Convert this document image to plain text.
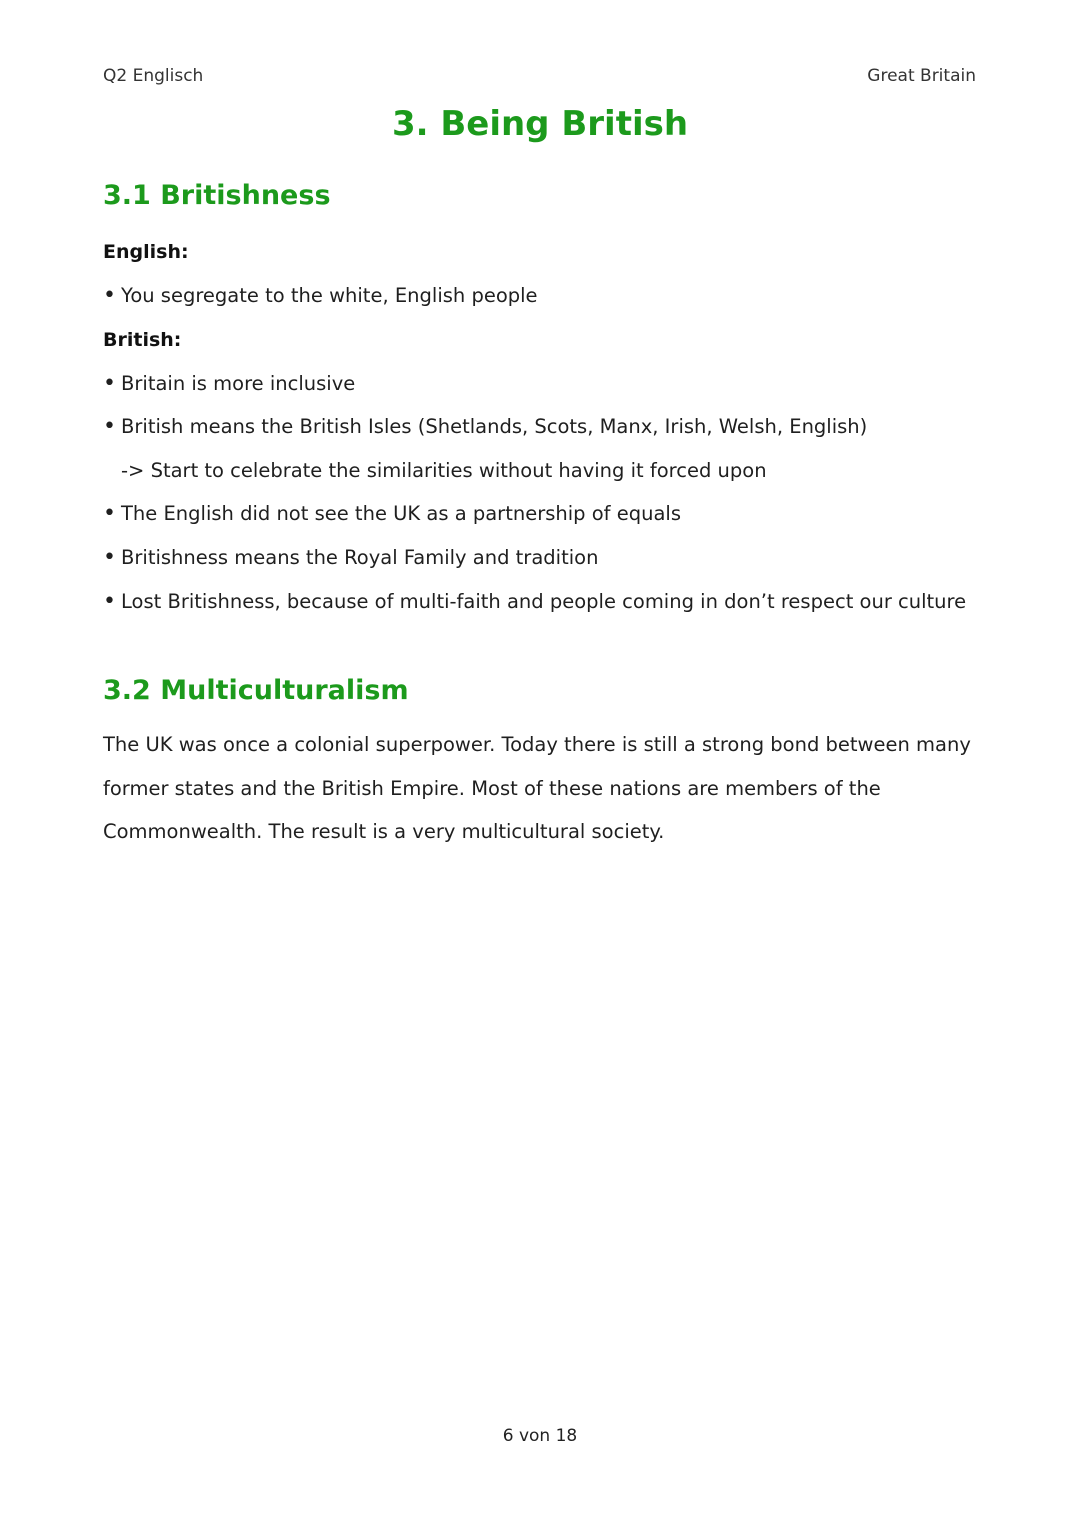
Q2 Englisch	Great Britain
3. Being British
3.1 Britishness
English:
• You segregate to the white, English people
British:
• Britain is more inclusive
• British means the British Isles (Shetlands, Scots, Manx, Irish, Welsh, English)
-> Start to celebrate the similarities without having it forced upon
• The English did not see the UK as a partnership of equals
• Britishness means the Royal Family and tradition
• Lost Britishness, because of multi-faith and people coming in don’t respect our culture
3.2 Multiculturalism
The UK was once a colonial superpower. Today there is still a strong bond between many
former states and the British Empire. Most of these nations are members of the
Commonwealth. The result is a very multicultural society.
6 von 18
